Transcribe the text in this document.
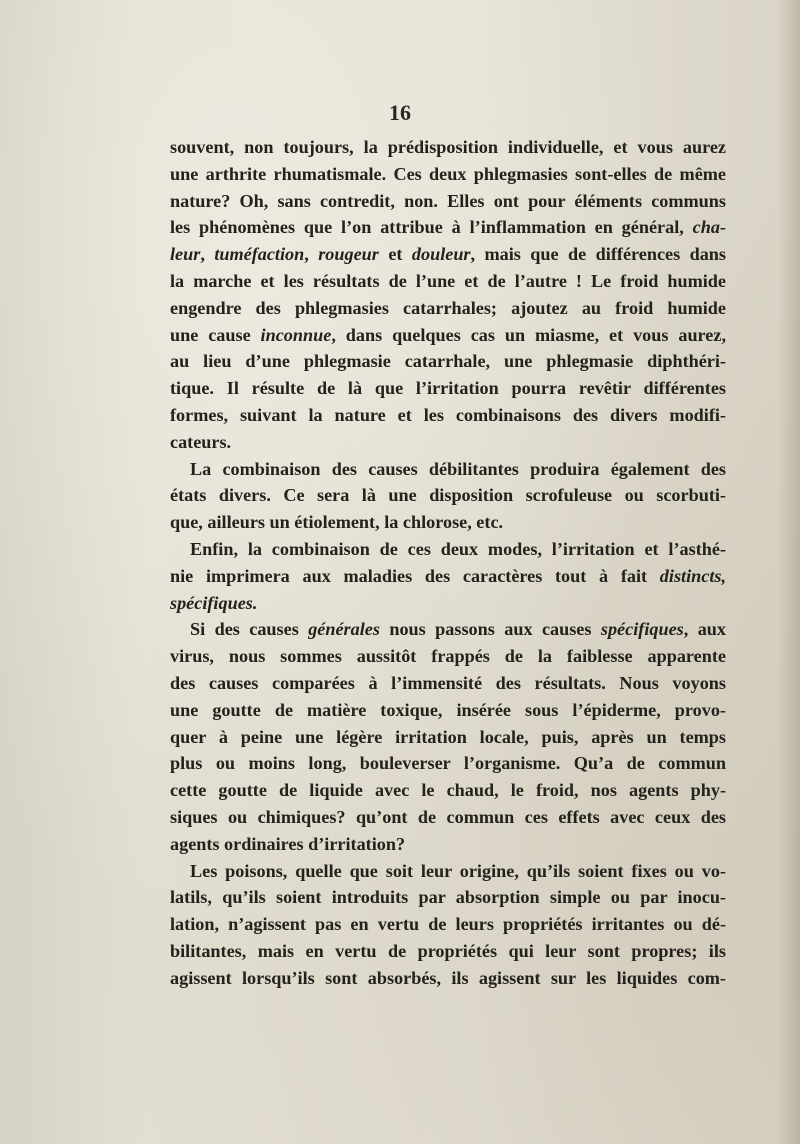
16
souvent, non toujours, la prédisposition individuelle, et vous aurez
une arthrite rhumatismale. Ces deux phlegmasies sont-elles de même
nature? Oh, sans contredit, non. Elles ont pour éléments communs
les phénomènes que l’on attribue à l’inflammation en général, cha-
leur, tuméfaction, rougeur et douleur, mais que de différences dans
la marche et les résultats de l’une et de l’autre ! Le froid humide
engendre des phlegmasies catarrhales; ajoutez au froid humide
une cause inconnue, dans quelques cas un miasme, et vous aurez,
au lieu d’une phlegmasie catarrhale, une phlegmasie diphthéri-
tique. Il résulte de là que l’irritation pourra revêtir différentes
formes, suivant la nature et les combinaisons des divers modifi-
cateurs.
La combinaison des causes débilitantes produira également des
états divers. Ce sera là une disposition scrofuleuse ou scorbuti-
que, ailleurs un étiolement, la chlorose, etc.
Enfin, la combinaison de ces deux modes, l’irritation et l’asthé-
nie imprimera aux maladies des caractères tout à fait distincts,
spécifiques.
Si des causes générales nous passons aux causes spécifiques, aux
virus, nous sommes aussitôt frappés de la faiblesse apparente
des causes comparées à l’immensité des résultats. Nous voyons
une goutte de matière toxique, insérée sous l’épiderme, provo-
quer à peine une légère irritation locale, puis, après un temps
plus ou moins long, bouleverser l’organisme. Qu’a de commun
cette goutte de liquide avec le chaud, le froid, nos agents phy-
siques ou chimiques? qu’ont de commun ces effets avec ceux des
agents ordinaires d’irritation?
Les poisons, quelle que soit leur origine, qu’ils soient fixes ou vo-
latils, qu’ils soient introduits par absorption simple ou par inocu-
lation, n’agissent pas en vertu de leurs propriétés irritantes ou dé-
bilitantes, mais en vertu de propriétés qui leur sont propres; ils
agissent lorsqu’ils sont absorbés, ils agissent sur les liquides com-
